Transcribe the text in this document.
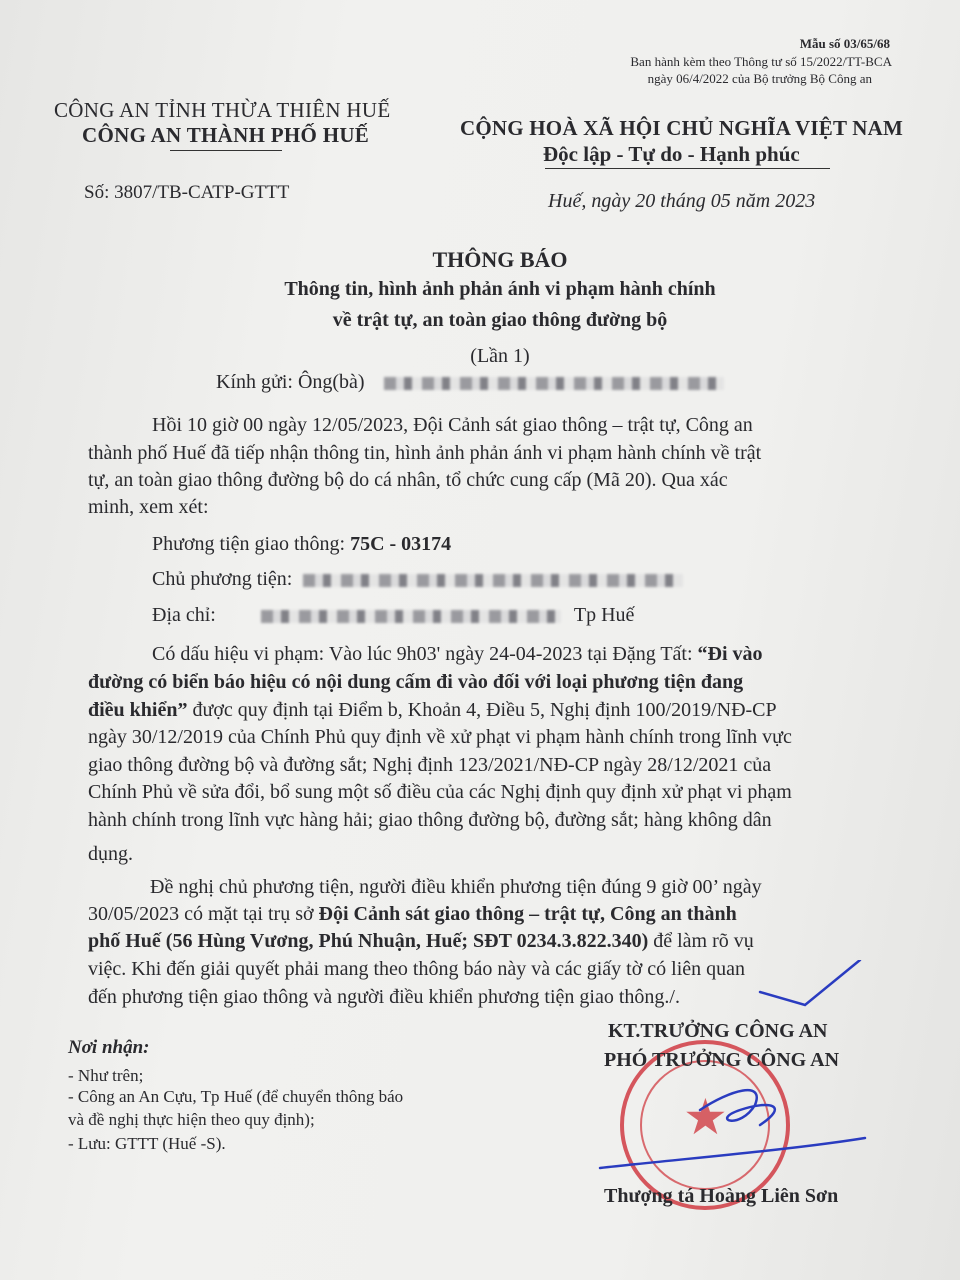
Mẫu số 03/65/68
Ban hành kèm theo Thông tư số 15/2022/TT-BCA
ngày 06/4/2022 của Bộ trưởng Bộ Công an
CÔNG AN TỈNH THỪA THIÊN HUẾ
CÔNG AN THÀNH PHỐ HUẾ
Số: 3807/TB-CATP-GTTT
CỘNG HOÀ XÃ HỘI CHỦ NGHĨA VIỆT NAM
Độc lập - Tự do - Hạnh phúc
Huế, ngày 20 tháng 05 năm 2023
THÔNG BÁO
Thông tin, hình ảnh phản ánh vi phạm hành chính
về trật tự, an toàn giao thông đường bộ
(Lần 1)
Kính gửi: Ông(bà)
Hồi 10 giờ 00 ngày 12/05/2023, Đội Cảnh sát giao thông – trật tự, Công an
thành phố Huế đã tiếp nhận thông tin, hình ảnh phản ánh vi phạm hành chính về trật
tự, an toàn giao thông đường bộ do cá nhân, tổ chức cung cấp (Mã 20). Qua xác
minh, xem xét:
Phương tiện giao thông: 75C - 03174
Chủ phương tiện:
Địa chỉ:	Tp Huế
Có dấu hiệu vi phạm: Vào lúc 9h03' ngày 24-04-2023 tại Đặng Tất: “Đi vào
đường có biển báo hiệu có nội dung cấm đi vào đối với loại phương tiện đang
điều khiển” được quy định tại Điểm b, Khoản 4, Điều 5, Nghị định 100/2019/NĐ-CP
ngày 30/12/2019 của Chính Phủ quy định về xử phạt vi phạm hành chính trong lĩnh vực
giao thông đường bộ và đường sắt; Nghị định 123/2021/NĐ-CP ngày 28/12/2021 của
Chính Phủ về sửa đổi, bổ sung một số điều của các Nghị định quy định xử phạt vi phạm
hành chính trong lĩnh vực hàng hải; giao thông đường bộ, đường sắt; hàng không dân
dụng.
Đề nghị chủ phương tiện, người điều khiển phương tiện đúng 9 giờ 00’ ngày
30/05/2023 có mặt tại trụ sở Đội Cảnh sát giao thông – trật tự, Công an thành
phố Huế (56 Hùng Vương, Phú Nhuận, Huế; SĐT 0234.3.822.340) để làm rõ vụ
việc. Khi đến giải quyết phải mang theo thông báo này và các giấy tờ có liên quan
đến phương tiện giao thông và người điều khiển phương tiện giao thông./.
Nơi nhận:
- Như trên;
- Công an An Cựu, Tp Huế (để chuyển thông báo
và đề nghị thực hiện theo quy định);
- Lưu: GTTT (Huế -S).	★
KT.TRƯỞNG CÔNG AN
PHÓ TRƯỞNG CÔNG AN
Thượng tá Hoàng Liên Sơn
